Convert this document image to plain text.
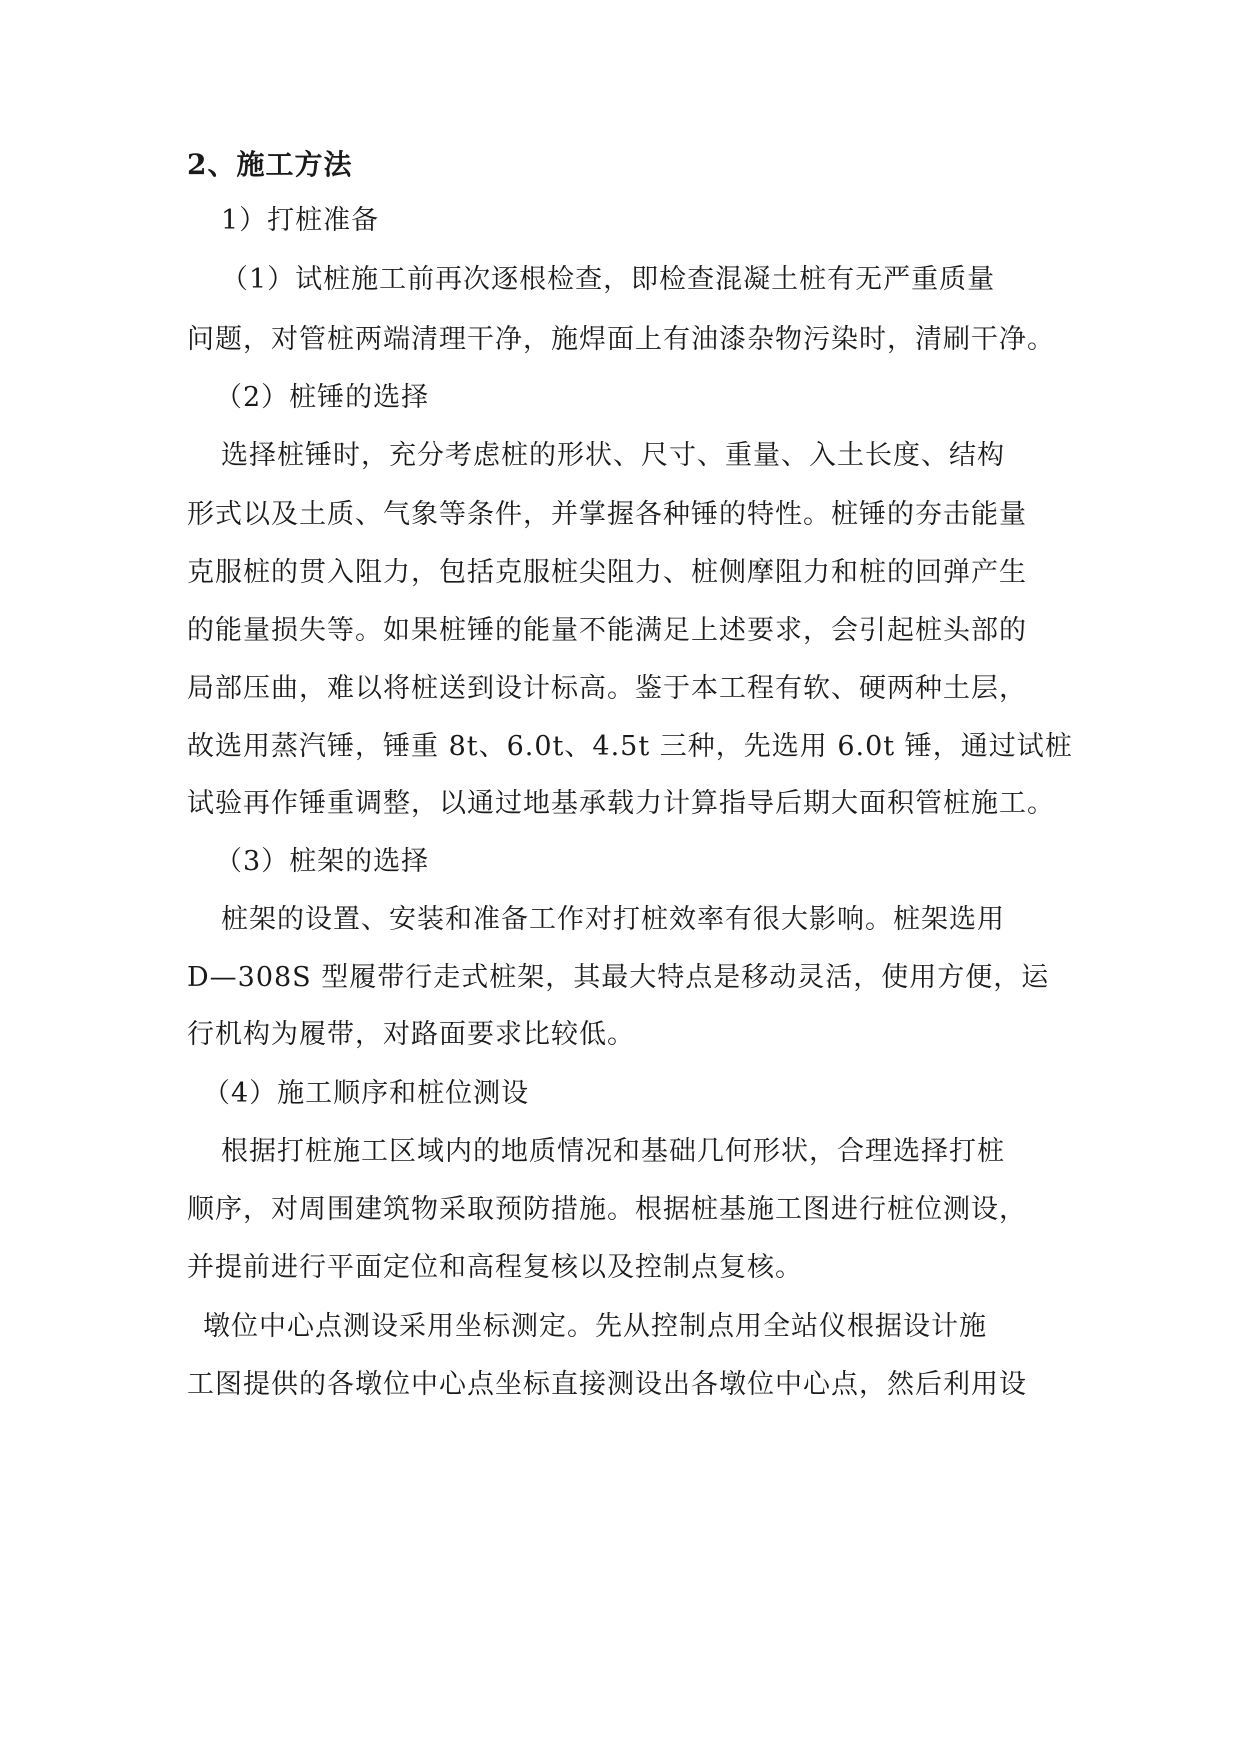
2、施工方法
1）打桩准备
（1）试桩施工前再次逐根检查，即检查混凝土桩有无严重质量
问题，对管桩两端清理干净，施焊面上有油漆杂物污染时，清刷干净。
（2）桩锤的选择
选择桩锤时，充分考虑桩的形状、尺寸、重量、入土长度、结构
形式以及土质、气象等条件，并掌握各种锤的特性。桩锤的夯击能量
克服桩的贯入阻力，包括克服桩尖阻力、桩侧摩阻力和桩的回弹产生
的能量损失等。如果桩锤的能量不能满足上述要求，会引起桩头部的
局部压曲，难以将桩送到设计标高。鉴于本工程有软、硬两种土层，
故选用蒸汽锤，锤重 8t、6.0t、4.5t 三种，先选用 6.0t 锤，通过试桩
试验再作锤重调整，以通过地基承载力计算指导后期大面积管桩施工。
（3）桩架的选择
桩架的设置、安装和准备工作对打桩效率有很大影响。桩架选用
D—308S 型履带行走式桩架，其最大特点是移动灵活，使用方便，运
行机构为履带，对路面要求比较低。
（4）施工顺序和桩位测设
根据打桩施工区域内的地质情况和基础几何形状，合理选择打桩
顺序，对周围建筑物采取预防措施。根据桩基施工图进行桩位测设，
并提前进行平面定位和高程复核以及控制点复核。
墩位中心点测设采用坐标测定。先从控制点用全站仪根据设计施
工图提供的各墩位中心点坐标直接测设出各墩位中心点，然后利用设
